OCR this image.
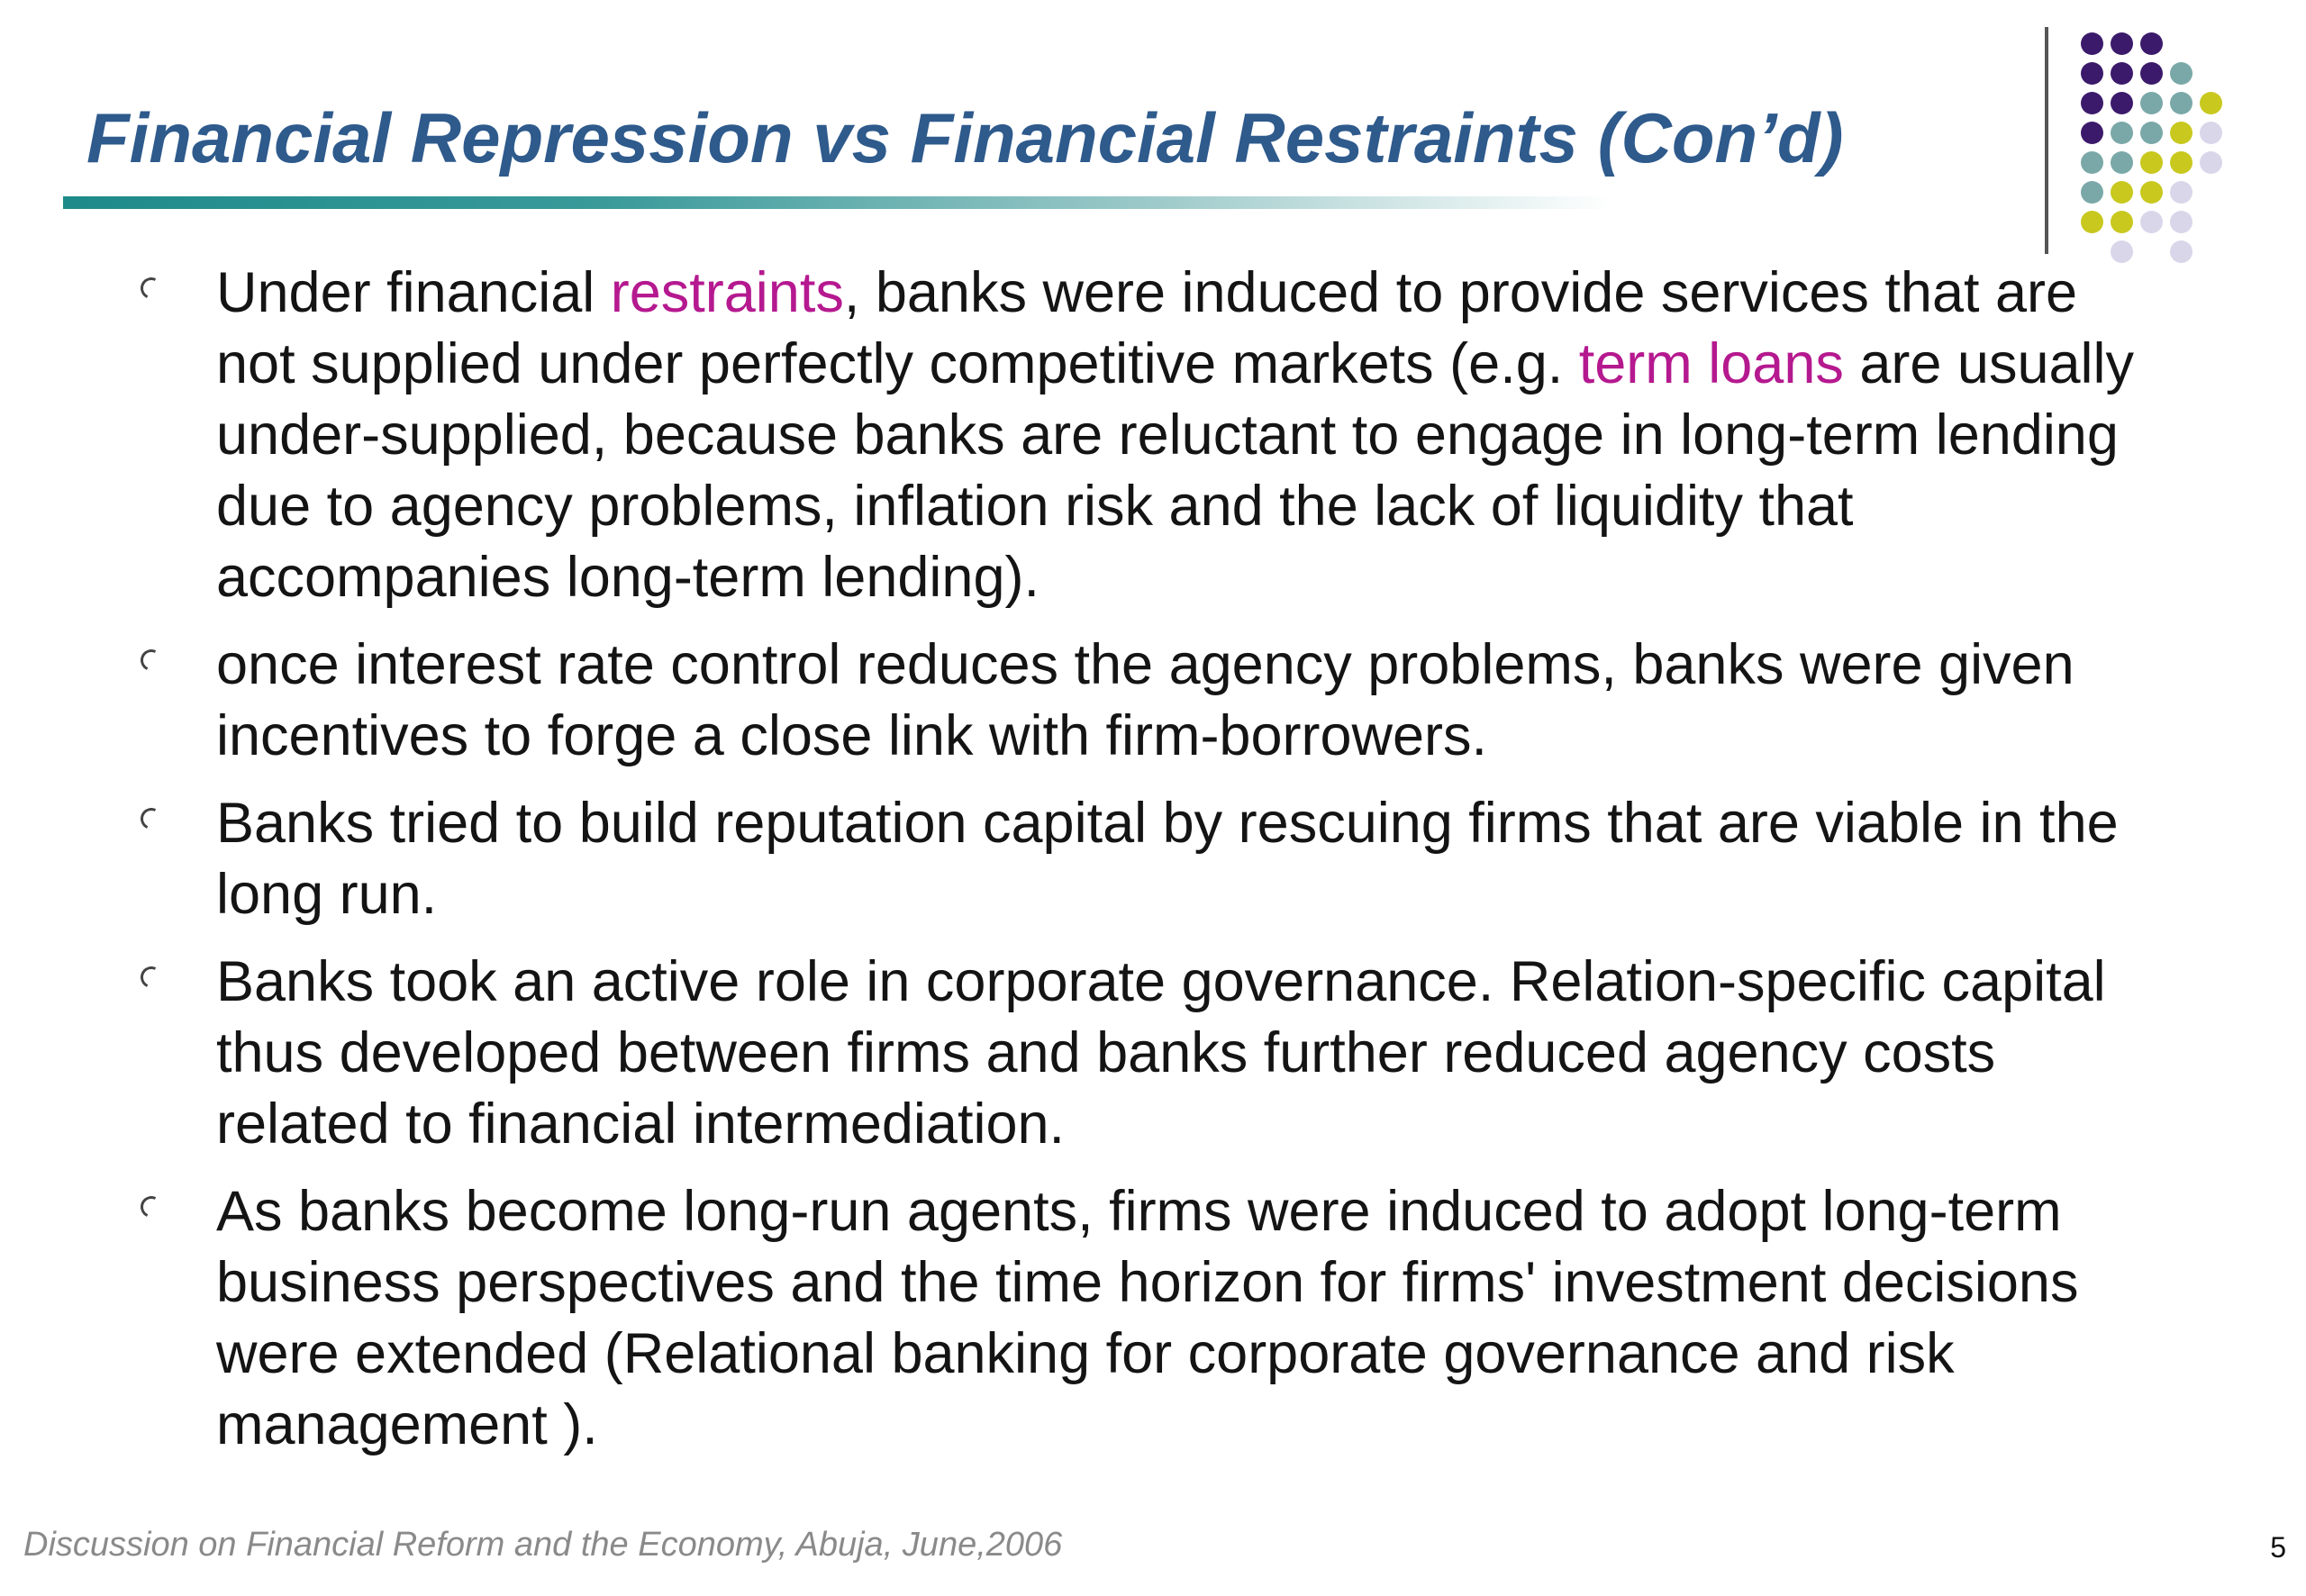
Financial Repression vs Financial Restraints (Con’d)
Under financial restraints, banks were induced to provide services that are not supplied under perfectly competitive markets (e.g. term loans are usually under-supplied, because banks are reluctant to engage in long-term lending due to agency problems, inflation risk and the lack of liquidity that accompanies long-term lending).
once interest rate control reduces the agency problems, banks were given incentives to forge a close link with firm-borrowers.
Banks tried to build reputation capital by rescuing firms that are viable in the long run.
Banks took an active role in corporate governance. Relation-specific capital thus developed between firms and banks further reduced agency costs related to financial intermediation.
As banks become long-run agents, firms were induced to adopt long-term business perspectives and the time horizon for firms' investment decisions were extended (Relational banking for corporate governance and risk management ).
Discussion on Financial Reform and the Economy, Abuja, June,2006	5
